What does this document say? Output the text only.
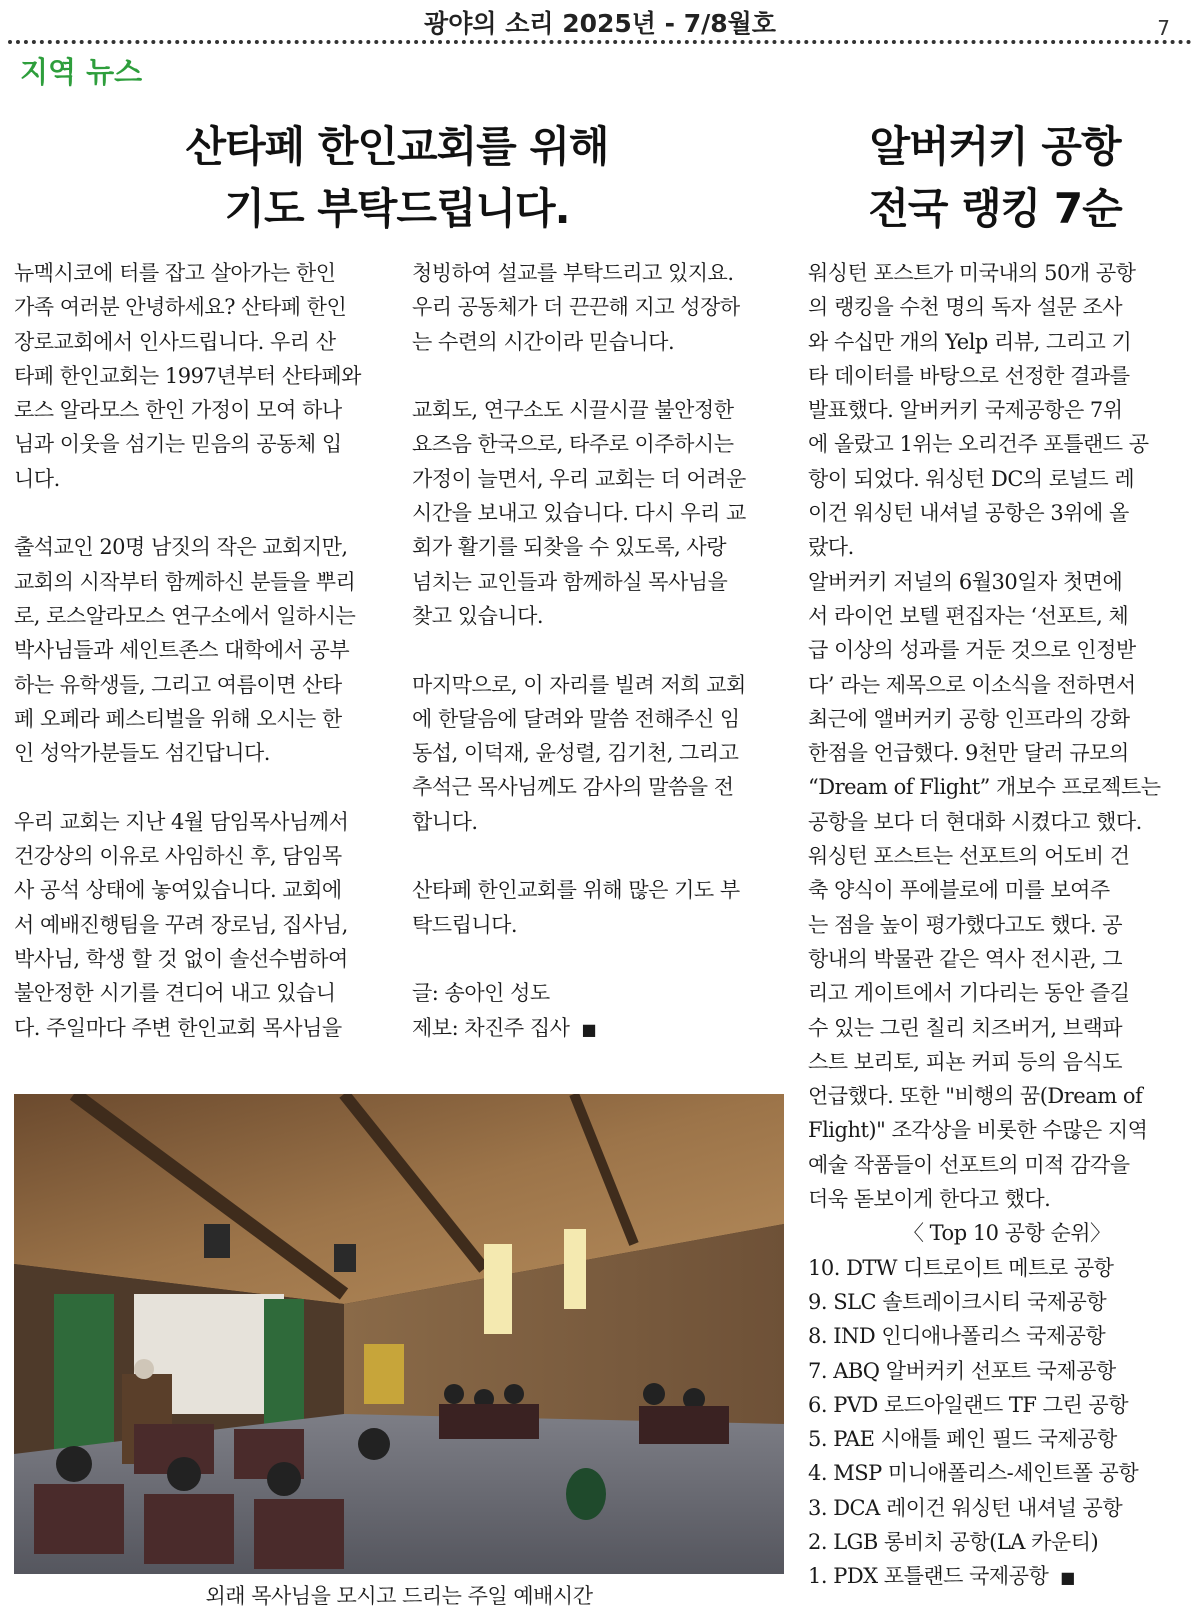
광야의 소리 2025년 - 7/8월호	7
지역 뉴스
산타페 한인교회를 위해
기도 부탁드립니다.
알버커키 공항
전국 랭킹 7순

뉴멕시코에 터를 잡고 살아가는 한인
가족 여러분 안녕하세요? 산타페 한인
장로교회에서 인사드립니다. 우리 산
타페 한인교회는 1997년부터 산타페와
로스 알라모스 한인 가정이 모여 하나
님과 이웃을 섬기는 믿음의 공동체 입
니다.

출석교인 20명 남짓의 작은 교회지만,
교회의 시작부터 함께하신 분들을 뿌리
로, 로스알라모스 연구소에서 일하시는
박사님들과 세인트존스 대학에서 공부
하는 유학생들, 그리고 여름이면 산타
페 오페라 페스티벌을 위해 오시는 한
인 성악가분들도 섬긴답니다.

우리 교회는 지난 4월 담임목사님께서
건강상의 이유로 사임하신 후, 담임목
사 공석 상태에 놓여있습니다. 교회에
서 예배진행팀을 꾸려 장로님, 집사님,
박사님, 학생 할 것 없이 솔선수범하여
불안정한 시기를 견디어 내고 있습니
다. 주일마다 주변 한인교회 목사님을

청빙하여 설교를 부탁드리고 있지요.
우리 공동체가 더 끈끈해 지고 성장하
는 수련의 시간이라 믿습니다.

교회도, 연구소도 시끌시끌 불안정한
요즈음 한국으로, 타주로 이주하시는
가정이 늘면서, 우리 교회는 더 어려운
시간을 보내고 있습니다. 다시 우리 교
회가 활기를 되찾을 수 있도록, 사랑
넘치는 교인들과 함께하실 목사님을
찾고 있습니다.

마지막으로, 이 자리를 빌려 저희 교회
에 한달음에 달려와 말씀 전해주신 임
동섭, 이덕재, 윤성렬, 김기천, 그리고
추석근 목사님께도 감사의 말씀을 전
합니다.

산타페 한인교회를 위해 많은 기도 부
탁드립니다.

글: 송아인 성도
제보: 차진주 집사 ■

워싱턴 포스트가 미국내의 50개 공항
의 랭킹을 수천 명의 독자 설문 조사
와 수십만 개의 Yelp 리뷰, 그리고 기
타 데이터를 바탕으로 선정한 결과를
발표했다. 알버커키 국제공항은 7위
에 올랐고 1위는 오리건주 포틀랜드 공
항이 되었다. 워싱턴 DC의 로널드 레
이건 워싱턴 내셔널 공항은 3위에 올
랐다.

알버커키 저널의 6월30일자 첫면에
서 라이언 보텔 편집자는 ‘선포트, 체
급 이상의 성과를 거둔 것으로 인정받
다’ 라는 제목으로 이소식을 전하면서
최근에 앨버커키 공항 인프라의 강화
한점을 언급했다. 9천만 달러 규모의
“Dream of Flight” 개보수 프로젝트는
공항을 보다 더 현대화 시켰다고 했다.
워싱턴 포스트는 선포트의 어도비 건
축 양식이 푸에블로에 미를 보여주
는 점을 높이 평가했다고도 했다. 공
항내의 박물관 같은 역사 전시관, 그
리고 게이트에서 기다리는 동안 즐길
수 있는 그린 칠리 치즈버거, 브랙파
스트 보리토, 피뇬 커피 등의 음식도
언급했다. 또한 "비행의 꿈(Dream of
Flight)" 조각상을 비롯한 수많은 지역
예술 작품들이 선포트의 미적 감각을
더욱 돋보이게 한다고 했다.

〈 Top 10 공항 순위〉
10. DTW 디트로이트 메트로 공항
9. SLC 솔트레이크시티 국제공항
8. IND 인디애나폴리스 국제공항
7. ABQ 알버커키 선포트 국제공항
6. PVD 로드아일랜드 TF 그린 공항
5. PAE 시애틀 페인 필드 국제공항
4. MSP 미니애폴리스-세인트폴 공항
3. DCA 레이건 워싱턴 내셔널 공항
2. LGB 롱비치 공항(LA 카운티)
1. PDX 포틀랜드 국제공항 ■
외래 목사님을 모시고 드리는 주일 예배시간
